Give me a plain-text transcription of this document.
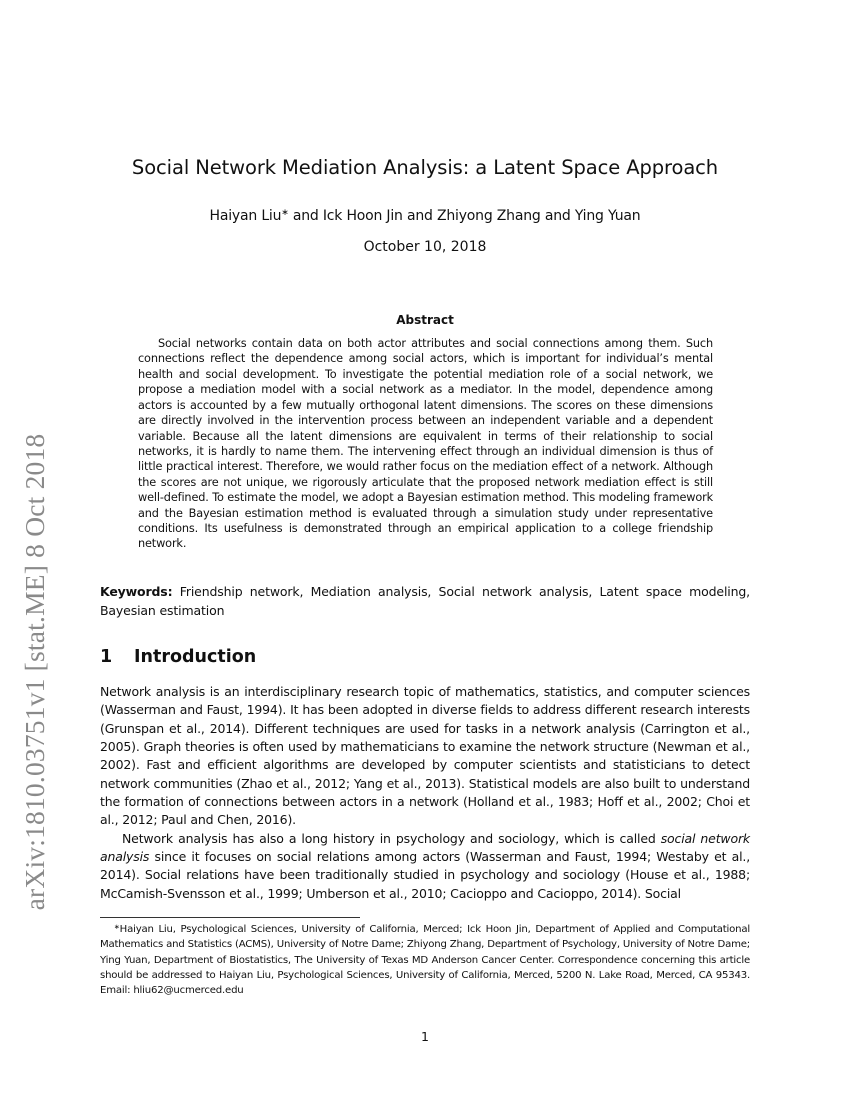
arXiv:1810.03751v1 [stat.ME] 8 Oct 2018
Social Network Mediation Analysis: a Latent Space Approach
Haiyan Liu∗ and Ick Hoon Jin and Zhiyong Zhang and Ying Yuan
October 10, 2018
Abstract

Social networks contain data on both actor attributes and social connections among them. Such connections reflect the dependence among social actors, which is important for individual’s mental health and social development. To investigate the potential mediation role of a social network, we propose a mediation model with a social network as a mediator. In the model, dependence among actors is accounted by a few mutually orthogonal latent dimensions. The scores on these dimensions are directly involved in the intervention process between an independent variable and a dependent variable. Because all the latent dimensions are equivalent in terms of their relationship to social networks, it is hardly to name them. The intervening effect through an individual dimension is thus of little practical interest. Therefore, we would rather focus on the mediation effect of a network. Although the scores are not unique, we rigorously articulate that the proposed network mediation effect is still well-defined. To estimate the model, we adopt a Bayesian estimation method. This modeling framework and the Bayesian estimation method is evaluated through a simulation study under representative conditions. Its usefulness is demonstrated through an empirical application to a college friendship network.

Keywords: Friendship network, Mediation analysis, Social network analysis, Latent space modeling, Bayesian estimation

1 Introduction

Network analysis is an interdisciplinary research topic of mathematics, statistics, and computer sciences (Wasserman and Faust, 1994). It has been adopted in diverse fields to address different research interests (Grunspan et al., 2014). Different techniques are used for tasks in a network analysis (Carrington et al., 2005). Graph theories is often used by mathematicians to examine the network structure (Newman et al., 2002). Fast and efficient algorithms are developed by computer scientists and statisticians to detect network communities (Zhao et al., 2012; Yang et al., 2013). Statistical models are also built to understand the formation of connections between actors in a network (Holland et al., 1983; Hoff et al., 2002; Choi et al., 2012; Paul and Chen, 2016).

Network analysis has also a long history in psychology and sociology, which is called social network analysis since it focuses on social relations among actors (Wasserman and Faust, 1994; Westaby et al., 2014). Social relations have been traditionally studied in psychology and sociology (House et al., 1988; McCamish-Svensson et al., 1999; Umberson et al., 2010; Cacioppo and Cacioppo, 2014). Social

∗Haiyan Liu, Psychological Sciences, University of California, Merced; Ick Hoon Jin, Department of Applied and Computational Mathematics and Statistics (ACMS), University of Notre Dame; Zhiyong Zhang, Department of Psychology, University of Notre Dame; Ying Yuan, Department of Biostatistics, The University of Texas MD Anderson Cancer Center. Correspondence concerning this article should be addressed to Haiyan Liu, Psychological Sciences, University of California, Merced, 5200 N. Lake Road, Merced, CA 95343. Email: hliu62@ucmerced.edu

1
